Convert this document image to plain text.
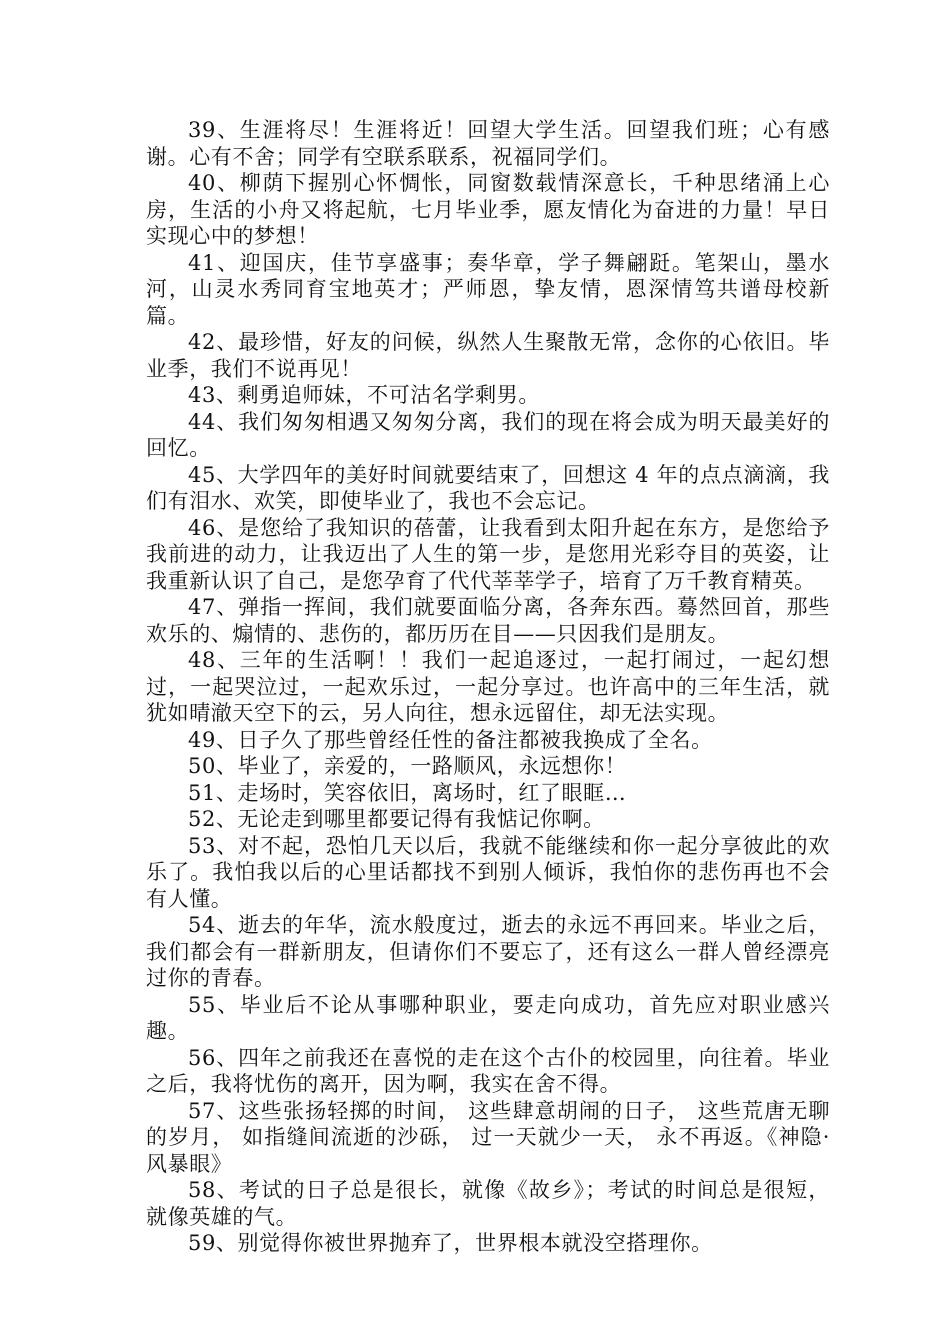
39、生涯将尽！生涯将近！回望大学生活。回望我们班；心有感谢。心有不舍；同学有空联系联系，祝福同学们。

40、柳荫下握别心怀惆怅，同窗数载情深意长，千种思绪涌上心房，生活的小舟又将起航，七月毕业季，愿友情化为奋进的力量！早日实现心中的梦想！

41、迎国庆，佳节享盛事；奏华章，学子舞翩跹。笔架山，墨水河，山灵水秀同育宝地英才；严师恩，挚友情，恩深情笃共谱母校新篇。

42、最珍惜，好友的问候，纵然人生聚散无常，念你的心依旧。毕业季，我们不说再见！

43、剩勇追师妹，不可沽名学剩男。

44、我们匆匆相遇又匆匆分离，我们的现在将会成为明天最美好的回忆。

45、大学四年的美好时间就要结束了，回想这 4 年的点点滴滴，我们有泪水、欢笑，即使毕业了，我也不会忘记。

46、是您给了我知识的蓓蕾，让我看到太阳升起在东方，是您给予我前进的动力，让我迈出了人生的第一步，是您用光彩夺目的英姿，让我重新认识了自己，是您孕育了代代莘莘学子，培育了万千教育精英。

47、弹指一挥间，我们就要面临分离，各奔东西。蓦然回首，那些欢乐的、煽情的、悲伤的，都历历在目——只因我们是朋友。

48、三年的生活啊！！我们一起追逐过，一起打闹过，一起幻想过，一起哭泣过，一起欢乐过，一起分享过。也许高中的三年生活，就犹如晴澈天空下的云，另人向往，想永远留住，却无法实现。

49、日子久了那些曾经任性的备注都被我换成了全名。

50、毕业了，亲爱的，一路顺风，永远想你！

51、走场时，笑容依旧，离场时，红了眼眶…

52、无论走到哪里都要记得有我惦记你啊。

53、对不起，恐怕几天以后，我就不能继续和你一起分享彼此的欢乐了。我怕我以后的心里话都找不到别人倾诉，我怕你的悲伤再也不会有人懂。

54、逝去的年华，流水般度过，逝去的永远不再回来。毕业之后，我们都会有一群新朋友，但请你们不要忘了，还有这么一群人曾经漂亮过你的青春。

55、毕业后不论从事哪种职业，要走向成功，首先应对职业感兴趣。

56、四年之前我还在喜悦的走在这个古仆的校园里，向往着。毕业之后，我将忧伤的离开，因为啊，我实在舍不得。

57、这些张扬轻掷的时间， 这些肆意胡闹的日子， 这些荒唐无聊的岁月， 如指缝间流逝的沙砾， 过一天就少一天， 永不再返。《神隐·风暴眼》

58、考试的日子总是很长，就像《故乡》；考试的时间总是很短，就像英雄的气。

59、别觉得你被世界抛弃了，世界根本就没空搭理你。
